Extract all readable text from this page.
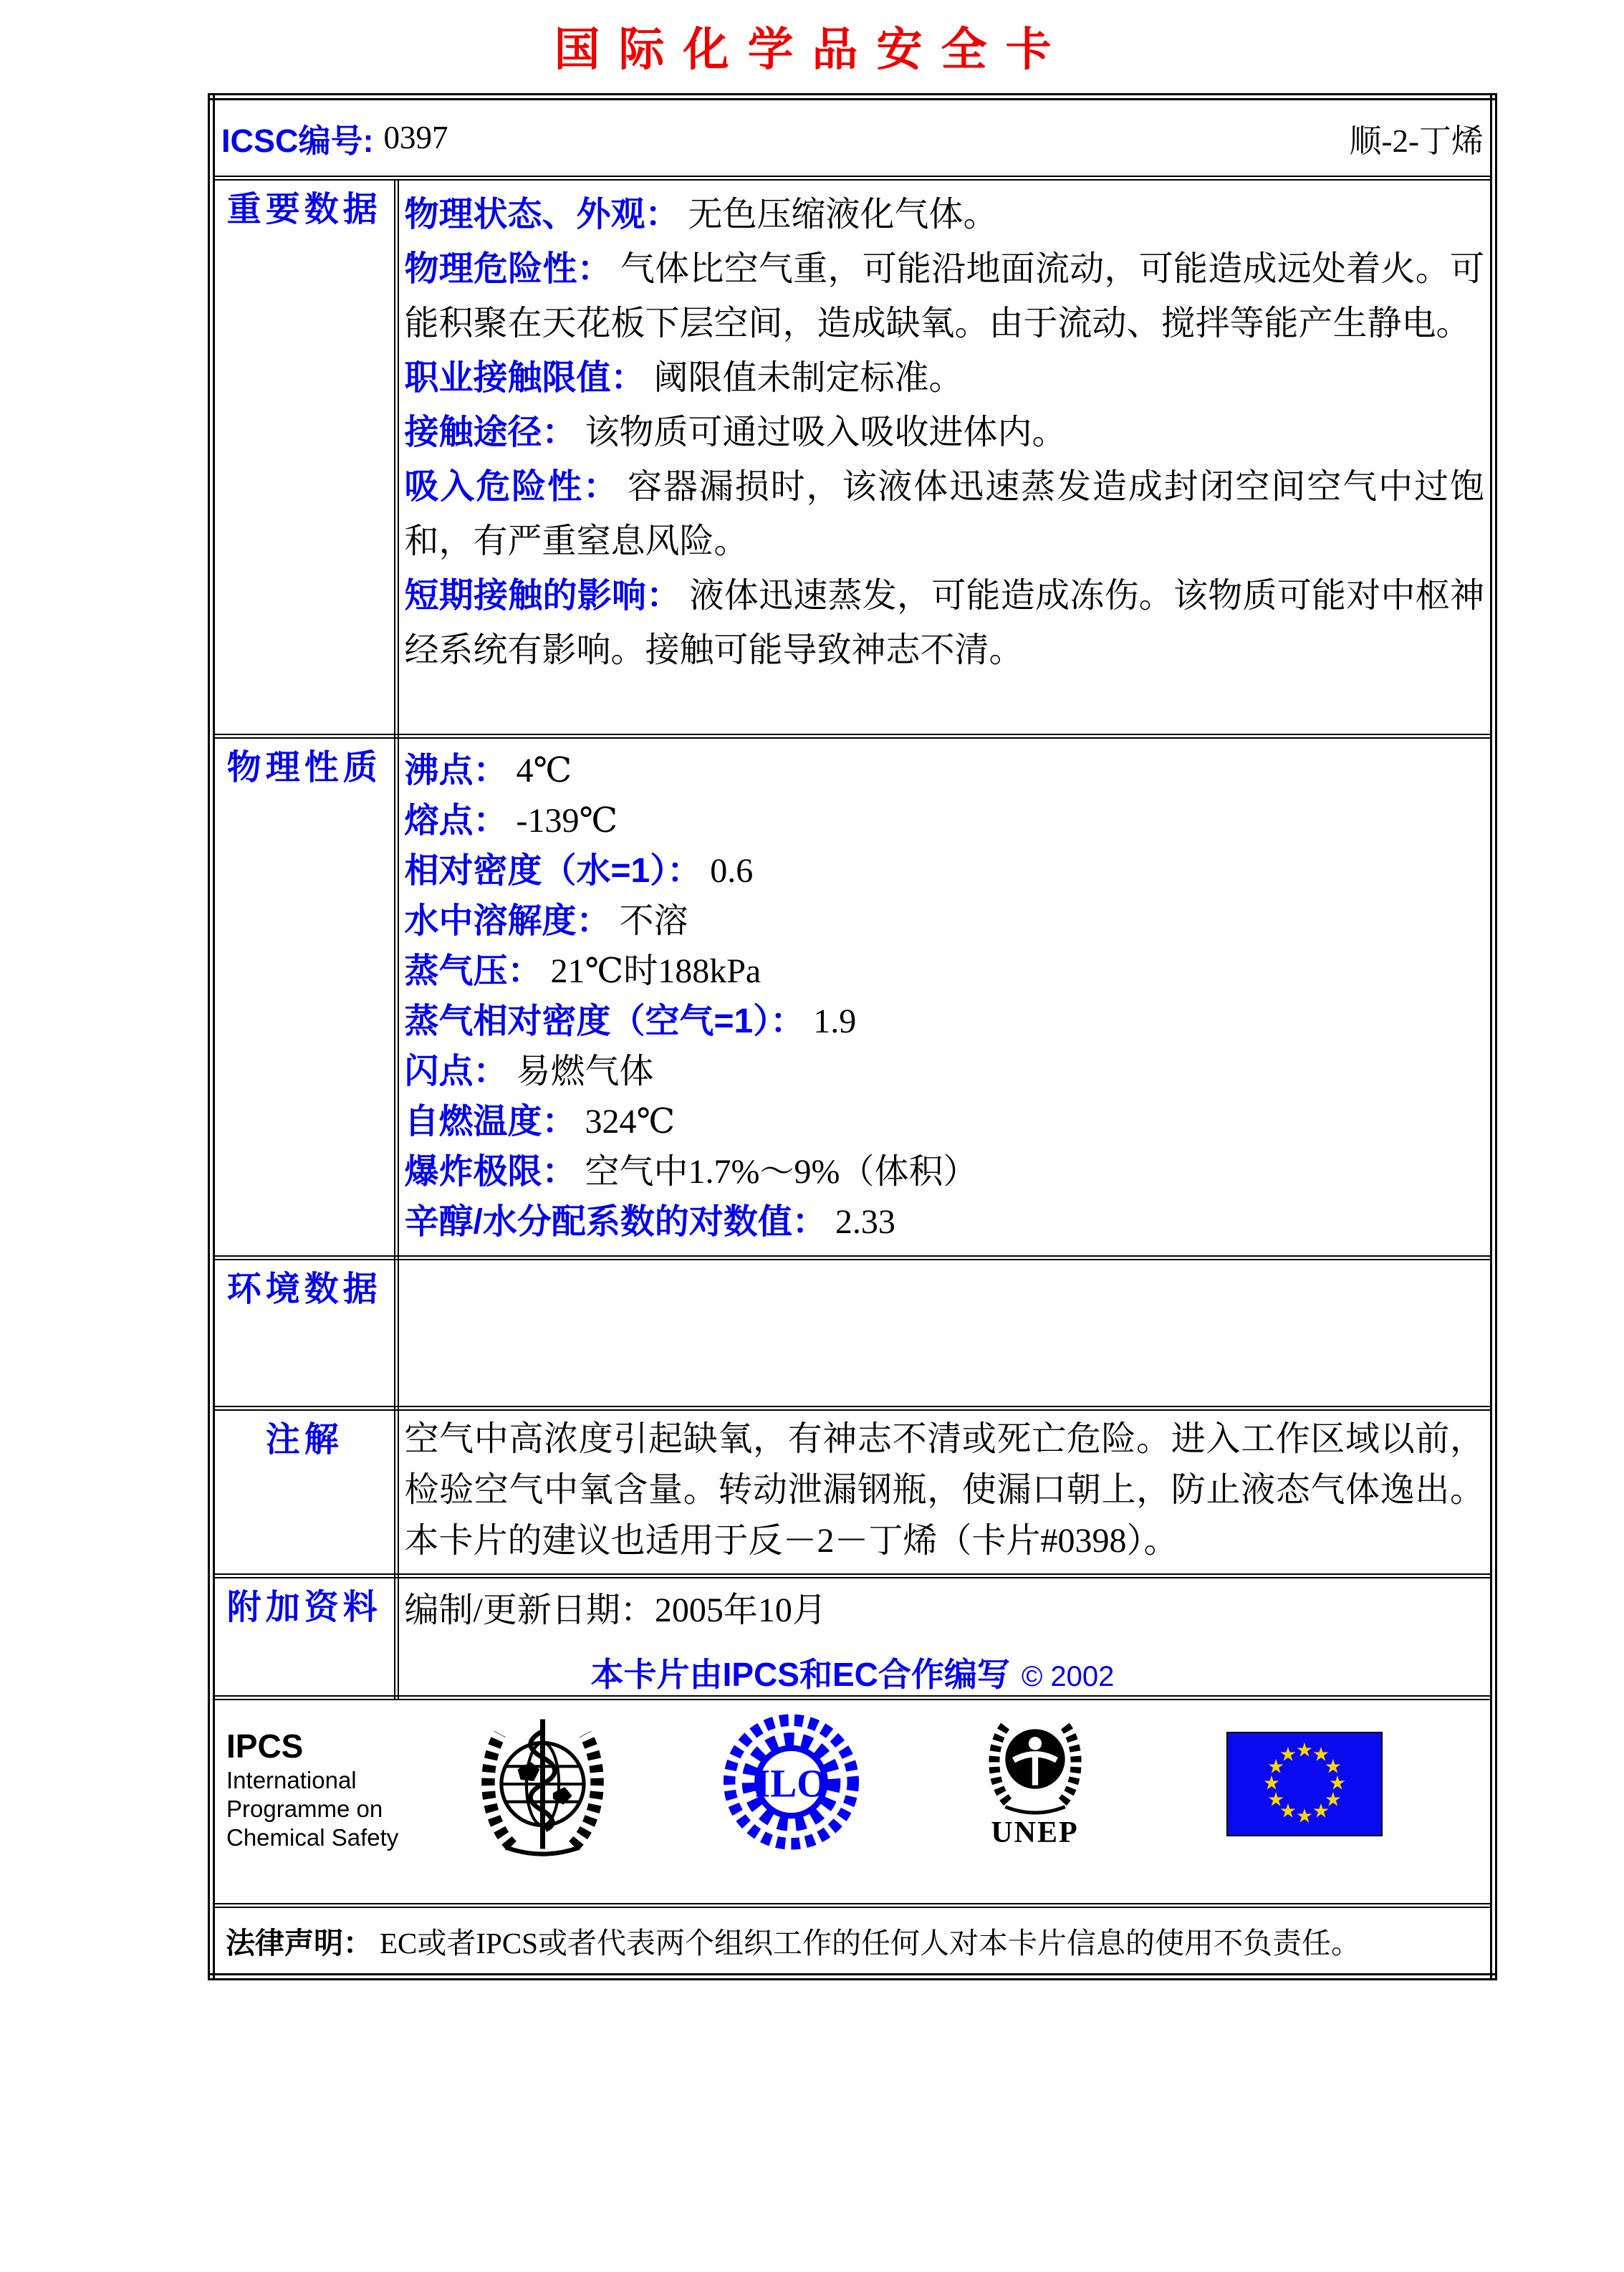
国际化学品安全卡
ICSC编号: 0397 顺-2-丁烯	

重要数据	物理状态、外观： 无色压缩液化气体。
物理危险性： 气体比空气重，可能沿地面流动，可能造成远处着火。可能积聚在天花板下层空间，造成缺氧。由于流动、搅拌等能产生静电。
职业接触限值： 阈限值未制定标准。
接触途径： 该物质可通过吸入吸收进体内。
吸入危险性： 容器漏损时，该液体迅速蒸发造成封闭空间空气中过饱和，有严重窒息风险。
短期接触的影响： 液体迅速蒸发，可能造成冻伤。该物质可能对中枢神经系统有影响。接触可能导致神志不清。

物理性质	沸点： 4℃
熔点： -139℃
相对密度（水=1）： 0.6
水中溶解度： 不溶
蒸气压： 21℃时188kPa
蒸气相对密度（空气=1）： 1.9
闪点： 易燃气体
自燃温度： 324℃
爆炸极限： 空气中1.7%～9%（体积）
辛醇/水分配系数的对数值： 2.33

环境数据	

注解	空气中高浓度引起缺氧，有神志不清或死亡危险。进入工作区域以前，检验空气中氧含量。转动泄漏钢瓶，使漏口朝上，防止液态气体逸出。本卡片的建议也适用于反－2－丁烯（卡片#0398）。

附加资料	编制/更新日期：2005年10月

IPCS
International
Programme on
Chemical Safety
ILO
UNEP
★
★
★
★
★
★
★
★
★
★
★
★
本卡片由IPCS和EC合作编写 © 2002

法律声明： EC或者IPCS或者代表两个组织工作的任何人对本卡片信息的使用不负责任。	
